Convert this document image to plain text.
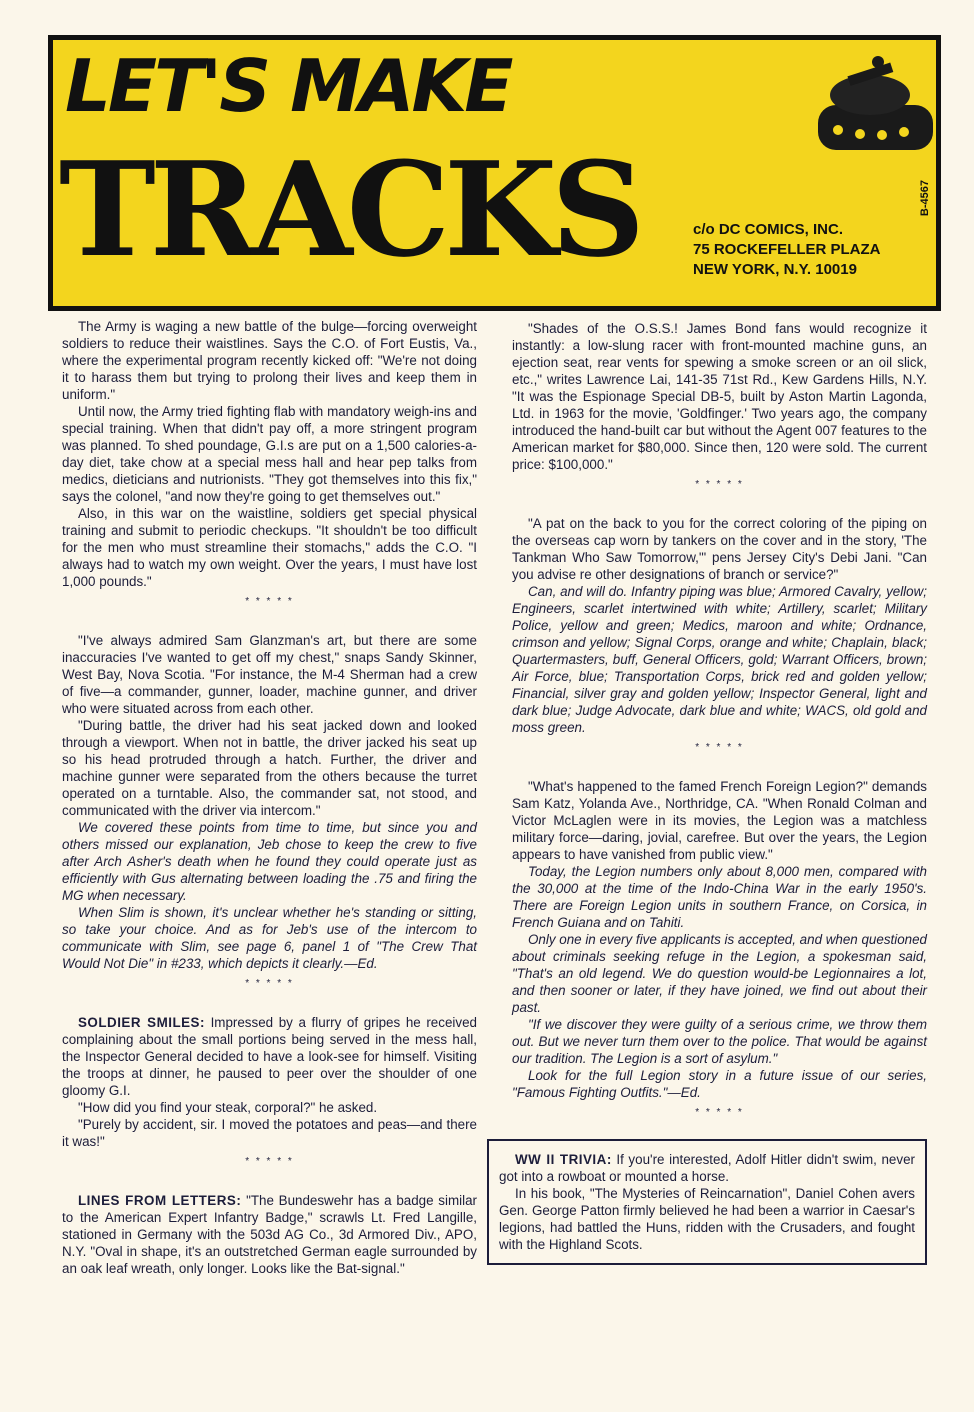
LET'S MAKE
TRACKS	c/o DC COMICS, INC.
75 ROCKEFELLER PLAZA
NEW YORK, N.Y. 10019
B-4567

The Army is waging a new battle of the bulge—forcing overweight soldiers to reduce their waistlines. Says the C.O. of Fort Eustis, Va., where the experimental program recently kicked off: "We're not doing it to harass them but trying to prolong their lives and keep them in uniform."

Until now, the Army tried fighting flab with mandatory weigh-ins and special training. When that didn't pay off, a more stringent program was planned. To shed poundage, G.I.s are put on a 1,500 calories-a-day diet, take chow at a special mess hall and hear pep talks from medics, dieticians and nutrionists. "They got themselves into this fix," says the colonel, "and now they're going to get themselves out."

Also, in this war on the waistline, soldiers get special physical training and submit to periodic checkups. "It shouldn't be too difficult for the men who must streamline their stomachs," adds the C.O. "I always had to watch my own weight. Over the years, I must have lost 1,000 pounds."

* * * * *

"I've always admired Sam Glanzman's art, but there are some inaccuracies I've wanted to get off my chest," snaps Sandy Skinner, West Bay, Nova Scotia. "For instance, the M-4 Sherman had a crew of five—a commander, gunner, loader, machine gunner, and driver who were situated across from each other.

"During battle, the driver had his seat jacked down and looked through a viewport. When not in battle, the driver jacked his seat up so his head protruded through a hatch. Further, the driver and machine gunner were separated from the others because the turret operated on a turntable. Also, the commander sat, not stood, and communicated with the driver via intercom."

We covered these points from time to time, but since you and others missed our explanation, Jeb chose to keep the crew to five after Arch Asher's death when he found they could operate just as efficiently with Gus alternating between loading the .75 and firing the MG when necessary.

When Slim is shown, it's unclear whether he's standing or sitting, so take your choice. And as for Jeb's use of the intercom to communicate with Slim, see page 6, panel 1 of "The Crew That Would Not Die" in #233, which depicts it clearly.—Ed.

* * * * *

SOLDIER SMILES: Impressed by a flurry of gripes he received complaining about the small portions being served in the mess hall, the Inspector General decided to have a look-see for himself. Visiting the troops at dinner, he paused to peer over the shoulder of one gloomy G.I.

"How did you find your steak, corporal?" he asked.

"Purely by accident, sir. I moved the potatoes and peas—and there it was!"

* * * * *

LINES FROM LETTERS: "The Bundeswehr has a badge similar to the American Expert Infantry Badge," scrawls Lt. Fred Langille, stationed in Germany with the 503d AG Co., 3d Armored Div., APO, N.Y. "Oval in shape, it's an outstretched German eagle surrounded by an oak leaf wreath, only longer. Looks like the Bat-signal."

"Shades of the O.S.S.! James Bond fans would recognize it instantly: a low-slung racer with front-mounted machine guns, an ejection seat, rear vents for spewing a smoke screen or an oil slick, etc.," writes Lawrence Lai, 141-35 71st Rd., Kew Gardens Hills, N.Y. "It was the Espionage Special DB-5, built by Aston Martin Lagonda, Ltd. in 1963 for the movie, 'Goldfinger.' Two years ago, the company introduced the hand-built car but without the Agent 007 features to the American market for $80,000. Since then, 120 were sold. The current price: $100,000."

* * * * *

"A pat on the back to you for the correct coloring of the piping on the overseas cap worn by tankers on the cover and in the story, 'The Tankman Who Saw Tomorrow,'" pens Jersey City's Debi Jani. "Can you advise re other designations of branch or service?"

Can, and will do. Infantry piping was blue; Armored Cavalry, yellow; Engineers, scarlet intertwined with white; Artillery, scarlet; Military Police, yellow and green; Medics, maroon and white; Ordnance, crimson and yellow; Signal Corps, orange and white; Chaplain, black; Quartermasters, buff, General Officers, gold; Warrant Officers, brown; Air Force, blue; Transportation Corps, brick red and golden yellow; Financial, silver gray and golden yellow; Inspector General, light and dark blue; Judge Advocate, dark blue and white; WACS, old gold and moss green.

* * * * *

"What's happened to the famed French Foreign Legion?" demands Sam Katz, Yolanda Ave., Northridge, CA. "When Ronald Colman and Victor McLaglen were in its movies, the Legion was a matchless military force—daring, jovial, carefree. But over the years, the Legion appears to have vanished from public view."

Today, the Legion numbers only about 8,000 men, compared with the 30,000 at the time of the Indo-China War in the early 1950's. There are Foreign Legion units in southern France, on Corsica, in French Guiana and on Tahiti.

Only one in every five applicants is accepted, and when questioned about criminals seeking refuge in the Legion, a spokesman said, "That's an old legend. We do question would-be Legionnaires a lot, and then sooner or later, if they have joined, we find out about their past.

"If we discover they were guilty of a serious crime, we throw them out. But we never turn them over to the police. That would be against our tradition. The Legion is a sort of asylum."

Look for the full Legion story in a future issue of our series, "Famous Fighting Outfits."—Ed.

* * * * *

WW II TRIVIA: If you're interested, Adolf Hitler didn't swim, never got into a rowboat or mounted a horse.

In his book, "The Mysteries of Reincarnation", Daniel Cohen avers Gen. George Patton firmly believed he had been a warrior in Caesar's legions, had battled the Huns, ridden with the Crusaders, and fought with the Highland Scots.
